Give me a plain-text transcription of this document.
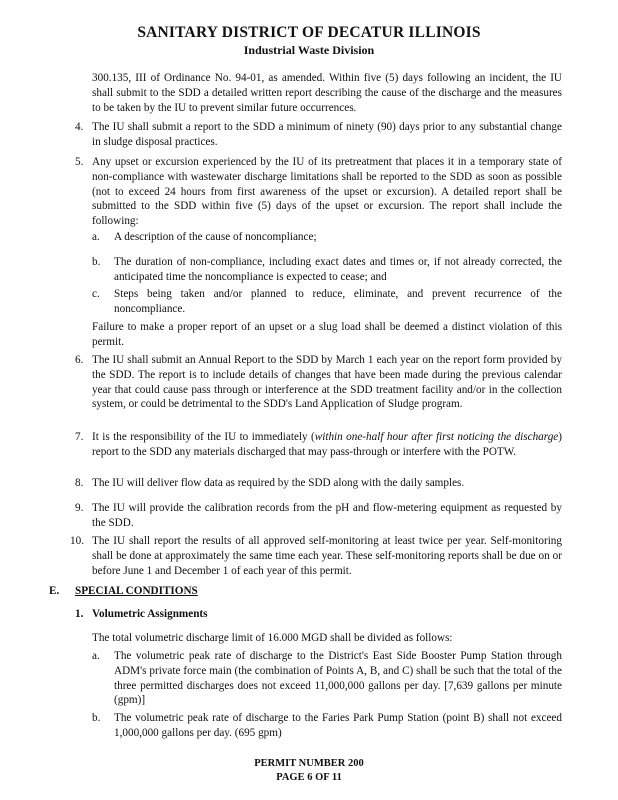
SANITARY DISTRICT OF DECATUR ILLINOIS
Industrial Waste Division
300.135, III of Ordinance No. 94-01, as amended. Within five (5) days following an incident, the IU shall submit to the SDD a detailed written report describing the cause of the discharge and the measures to be taken by the IU to prevent similar future occurrences.
4. The IU shall submit a report to the SDD a minimum of ninety (90) days prior to any substantial change in sludge disposal practices.
5. Any upset or excursion experienced by the IU of its pretreatment that places it in a temporary state of non-compliance with wastewater discharge limitations shall be reported to the SDD as soon as possible (not to exceed 24 hours from first awareness of the upset or excursion). A detailed report shall be submitted to the SDD within five (5) days of the upset or excursion. The report shall include the following:
a. A description of the cause of noncompliance;
b. The duration of non-compliance, including exact dates and times or, if not already corrected, the anticipated time the noncompliance is expected to cease; and
c. Steps being taken and/or planned to reduce, eliminate, and prevent recurrence of the noncompliance.
Failure to make a proper report of an upset or a slug load shall be deemed a distinct violation of this permit.
6. The IU shall submit an Annual Report to the SDD by March 1 each year on the report form provided by the SDD. The report is to include details of changes that have been made during the previous calendar year that could cause pass through or interference at the SDD treatment facility and/or in the collection system, or could be detrimental to the SDD's Land Application of Sludge program.
7. It is the responsibility of the IU to immediately (within one-half hour after first noticing the discharge) report to the SDD any materials discharged that may pass-through or interfere with the POTW.
8. The IU will deliver flow data as required by the SDD along with the daily samples.
9. The IU will provide the calibration records from the pH and flow-metering equipment as requested by the SDD.
10. The IU shall report the results of all approved self-monitoring at least twice per year. Self-monitoring shall be done at approximately the same time each year. These self-monitoring reports shall be due on or before June 1 and December 1 of each year of this permit.
E. SPECIAL CONDITIONS
1. Volumetric Assignments
The total volumetric discharge limit of 16.000 MGD shall be divided as follows:
a. The volumetric peak rate of discharge to the District's East Side Booster Pump Station through ADM's private force main (the combination of Points A, B, and C) shall be such that the total of the three permitted discharges does not exceed 11,000,000 gallons per day. [7,639 gallons per minute (gpm)]
b. The volumetric peak rate of discharge to the Faries Park Pump Station (point B) shall not exceed 1,000,000 gallons per day. (695 gpm)
PERMIT NUMBER 200
PAGE 6 OF 11
